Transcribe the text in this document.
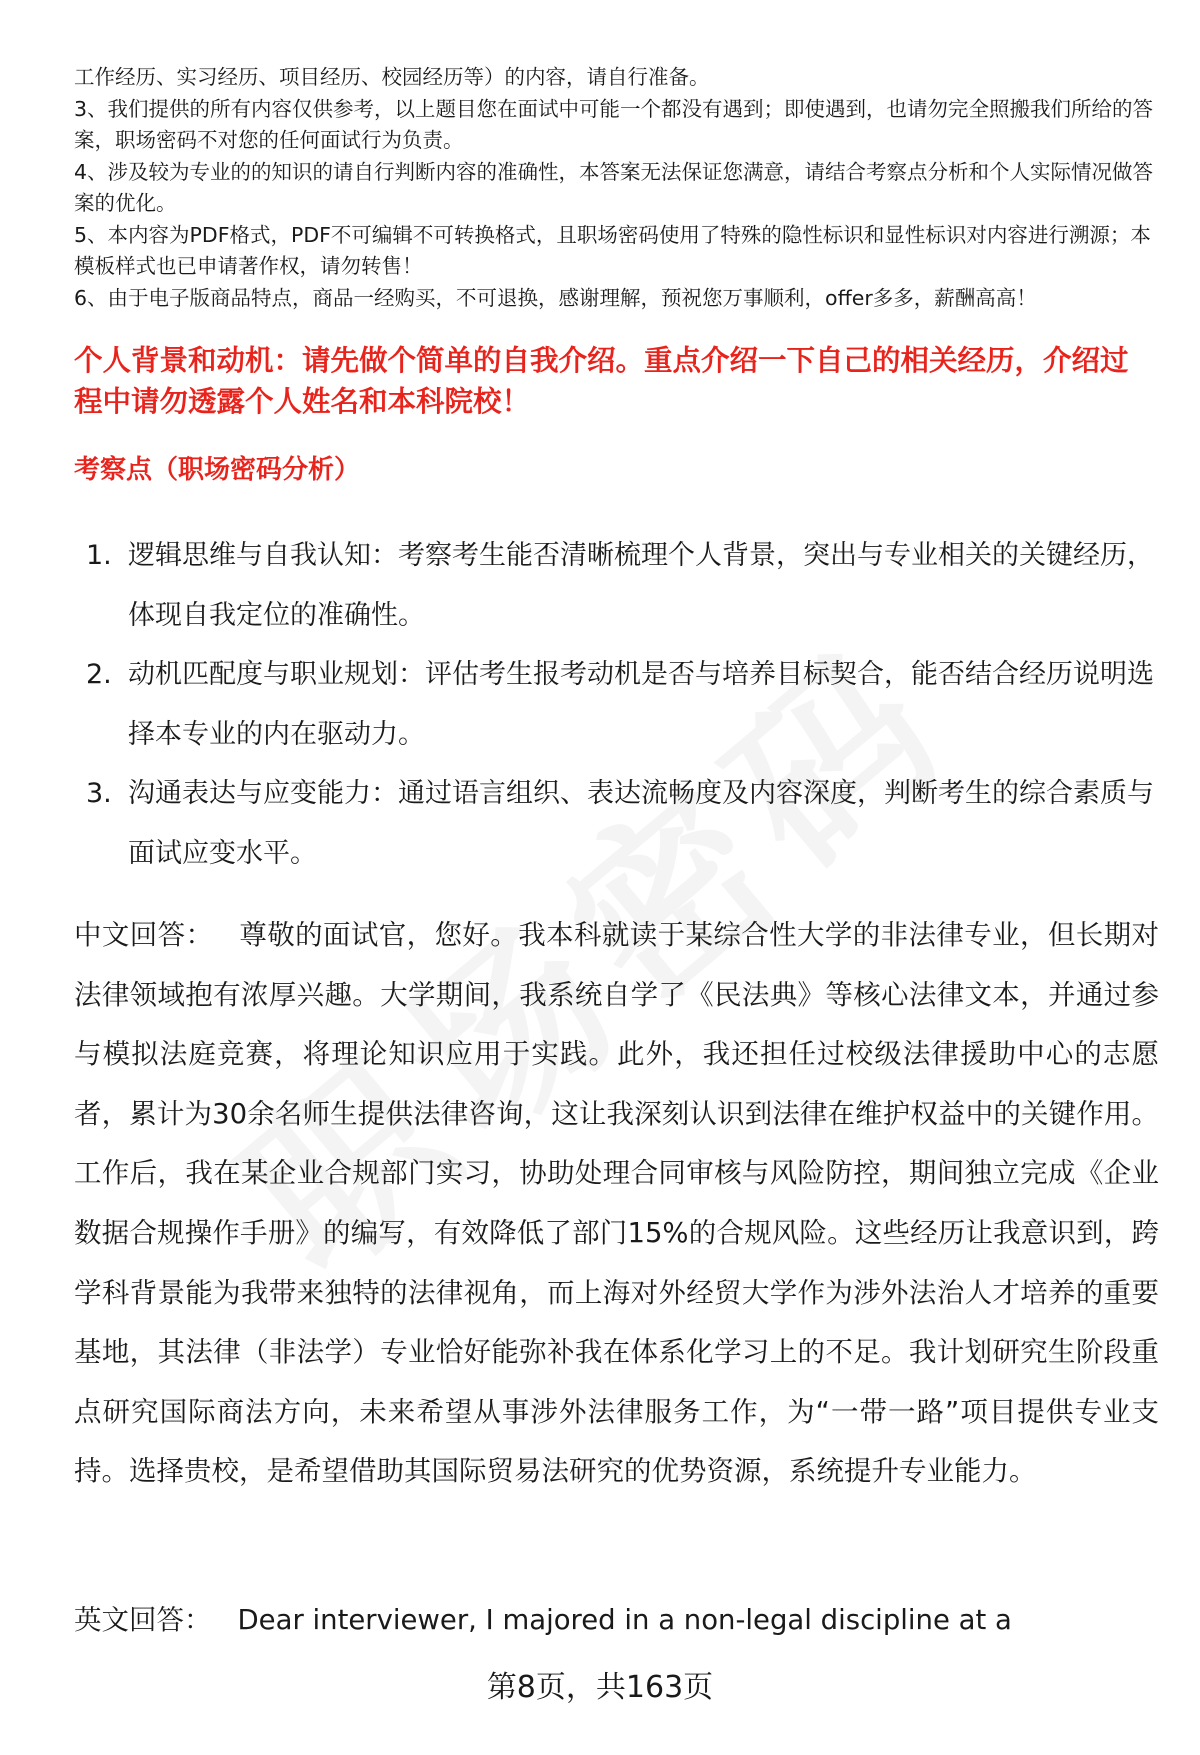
工作经历、实习经历、项目经历、校园经历等）的内容，请自行准备。

3、我们提供的所有内容仅供参考，以上题目您在面试中可能一个都没有遇到；即使遇到，也请勿完全照搬我们所给的答案，职场密码不对您的任何面试行为负责。

4、涉及较为专业的的知识的请自行判断内容的准确性，本答案无法保证您满意，请结合考察点分析和个人实际情况做答案的优化。

5、本内容为PDF格式，PDF不可编辑不可转换格式，且职场密码使用了特殊的隐性标识和显性标识对内容进行溯源；本模板样式也已申请著作权，请勿转售！

6、由于电子版商品特点，商品一经购买，不可退换，感谢理解，预祝您万事顺利，offer多多，薪酬高高！

个人背景和动机：请先做个简单的自我介绍。重点介绍一下自己的相关经历，介绍过程中请勿透露个人姓名和本科院校！

考察点（职场密码分析）

1. 逻辑思维与自我认知：考察考生能否清晰梳理个人背景，突出与专业相关的关键经历，体现自我定位的准确性。
2. 动机匹配度与职业规划：评估考生报考动机是否与培养目标契合，能否结合经历说明选择本专业的内在驱动力。
3. 沟通表达与应变能力：通过语言组织、表达流畅度及内容深度，判断考生的综合素质与面试应变水平。

中文回答： 尊敬的面试官，您好。我本科就读于某综合性大学的非法律专业，但长期对法律领域抱有浓厚兴趣。大学期间，我系统自学了《民法典》等核心法律文本，并通过参与模拟法庭竞赛，将理论知识应用于实践。此外，我还担任过校级法律援助中心的志愿者，累计为30余名师生提供法律咨询，这让我深刻认识到法律在维护权益中的关键作用。工作后，我在某企业合规部门实习，协助处理合同审核与风险防控，期间独立完成《企业数据合规操作手册》的编写，有效降低了部门15%的合规风险。这些经历让我意识到，跨学科背景能为我带来独特的法律视角，而上海对外经贸大学作为涉外法治人才培养的重要基地，其法律（非法学）专业恰好能弥补我在体系化学习上的不足。我计划研究生阶段重点研究国际商法方向，未来希望从事涉外法律服务工作，为“一带一路”项目提供专业支持。选择贵校，是希望借助其国际贸易法研究的优势资源，系统提升专业能力。

英文回答： Dear interviewer, I majored in a non-legal discipline at a

第8页，共163页
